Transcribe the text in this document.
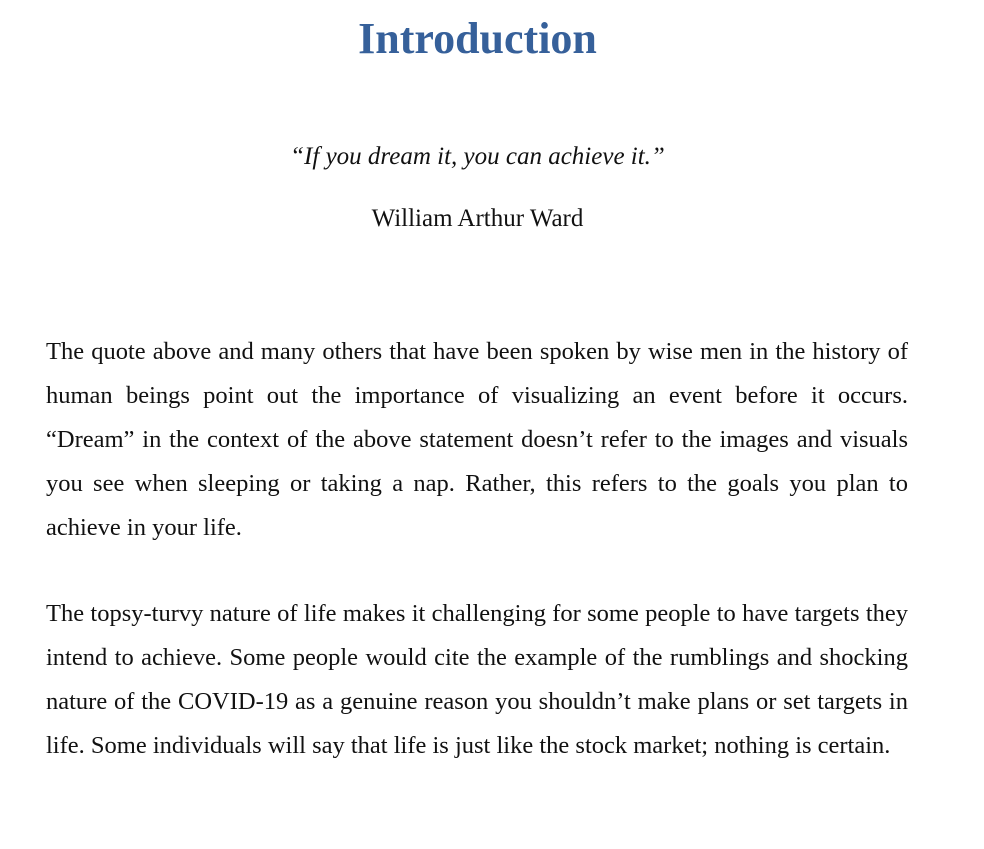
Introduction

“If you dream it, you can achieve it.”

William Arthur Ward

The quote above and many others that have been spoken by wise men in the history of human beings point out the importance of visualizing an event before it occurs. “Dream” in the context of the above statement doesn’t refer to the images and visuals you see when sleeping or taking a nap. Rather, this refers to the goals you plan to achieve in your life.

The topsy-turvy nature of life makes it challenging for some people to have targets they intend to achieve. Some people would cite the example of the rumblings and shocking nature of the COVID-19 as a genuine reason you shouldn’t make plans or set targets in life. Some individuals will say that life is just like the stock market; nothing is certain.
